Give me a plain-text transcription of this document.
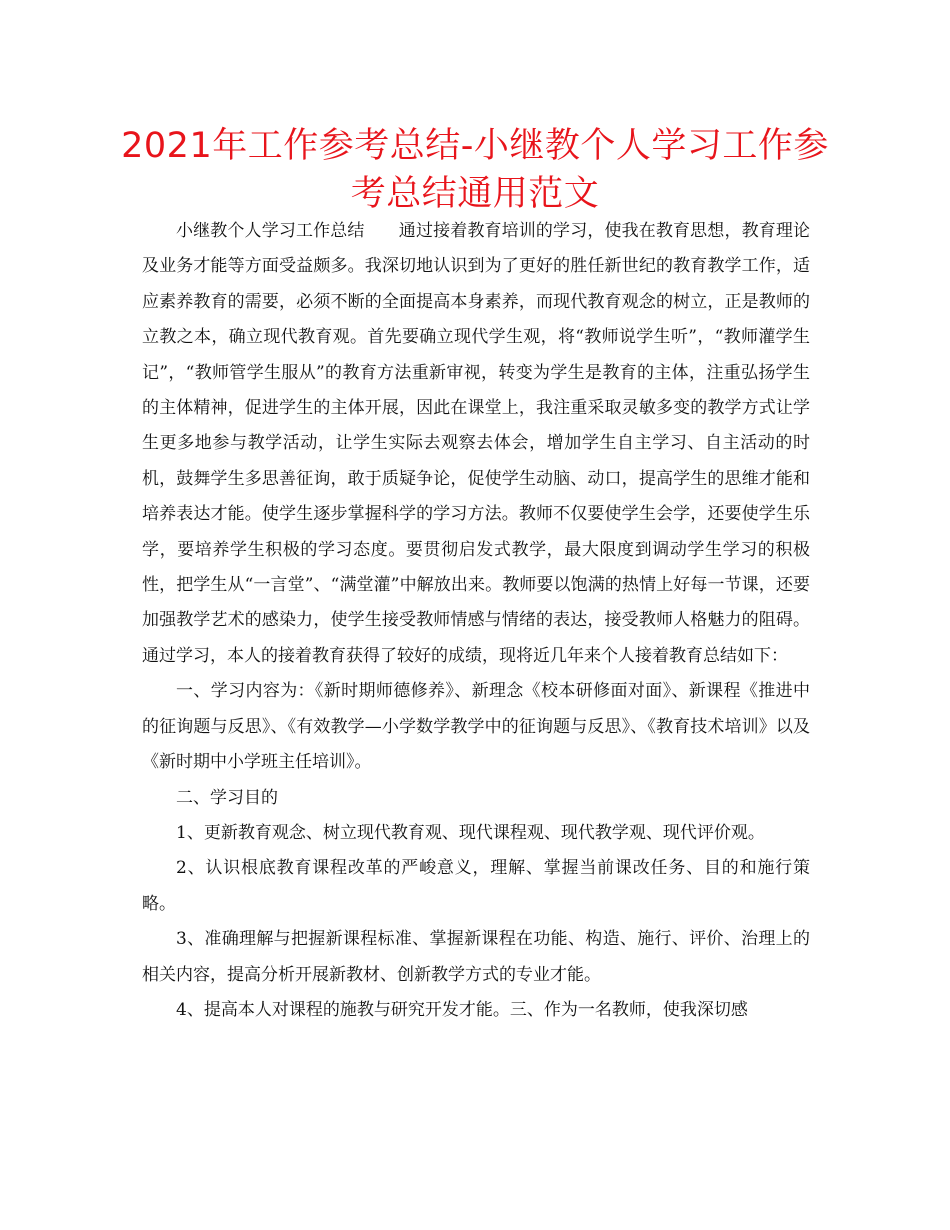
2021年工作参考总结-小继教个人学习工作参考总结通用范文

小继教个人学习工作总结　　通过接着教育培训的学习，使我在教育思想，教育理论及业务才能等方面受益颇多。我深切地认识到为了更好的胜任新世纪的教育教学工作，适应素养教育的需要，必须不断的全面提高本身素养，而现代教育观念的树立，正是教师的立教之本，确立现代教育观。首先要确立现代学生观，将“教师说学生听”，“教师灌学生记”，“教师管学生服从”的教育方法重新审视，转变为学生是教育的主体，注重弘扬学生的主体精神，促进学生的主体开展，因此在课堂上，我注重采取灵敏多变的教学方式让学生更多地参与教学活动，让学生实际去观察去体会，增加学生自主学习、自主活动的时机，鼓舞学生多思善征询，敢于质疑争论，促使学生动脑、动口，提高学生的思维才能和培养表达才能。使学生逐步掌握科学的学习方法。教师不仅要使学生会学，还要使学生乐学，要培养学生积极的学习态度。要贯彻启发式教学，最大限度到调动学生学习的积极性，把学生从“一言堂”、“满堂灌”中解放出来。教师要以饱满的热情上好每一节课，还要加强教学艺术的感染力，使学生接受教师情感与情绪的表达，接受教师人格魅力的阻碍。通过学习，本人的接着教育获得了较好的成绩，现将近几年来个人接着教育总结如下：

一、学习内容为：《新时期师德修养》、新理念《校本研修面对面》、新课程《推进中的征询题与反思》、《有效教学—小学数学教学中的征询题与反思》、《教育技术培训》以及《新时期中小学班主任培训》。

二、学习目的

1、更新教育观念、树立现代教育观、现代课程观、现代教学观、现代评价观。

2、认识根底教育课程改革的严峻意义，理解、掌握当前课改任务、目的和施行策略。

3、准确理解与把握新课程标准、掌握新课程在功能、构造、施行、评价、治理上的相关内容，提高分析开展新教材、创新教学方式的专业才能。

4、提高本人对课程的施教与研究开发才能。三、作为一名教师，使我深切感
